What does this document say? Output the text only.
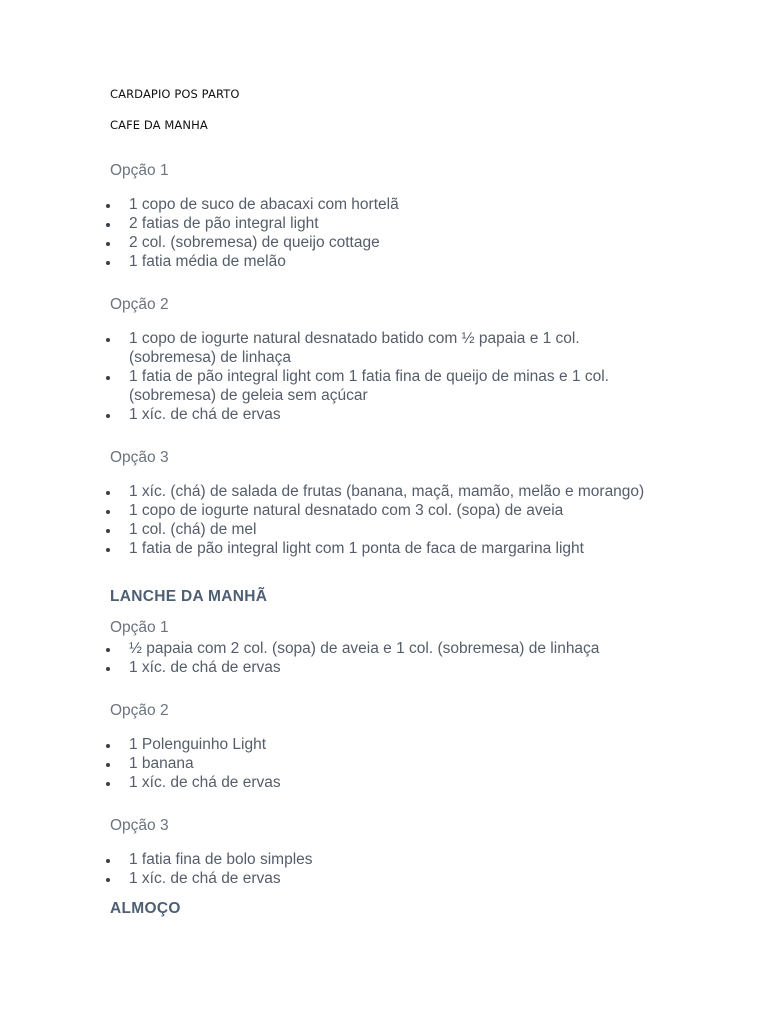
CARDAPIO POS PARTO

CAFE DA MANHA

Opção 1

1 copo de suco de abacaxi com hortelã
2 fatias de pão integral light
2 col. (sobremesa) de queijo cottage
1 fatia média de melão

Opção 2

1 copo de iogurte natural desnatado batido com ½ papaia e 1 col. (sobremesa) de linhaça
1 fatia de pão integral light com 1 fatia fina de queijo de minas e 1 col. (sobremesa) de geleia sem açúcar
1 xíc. de chá de ervas

Opção 3

1 xíc. (chá) de salada de frutas (banana, maçã, mamão, melão e morango)
1 copo de iogurte natural desnatado com 3 col. (sopa) de aveia
1 col. (chá) de mel
1 fatia de pão integral light com 1 ponta de faca de margarina light

LANCHE DA MANHÃ

Opção 1

½ papaia com 2 col. (sopa) de aveia e 1 col. (sobremesa) de linhaça
1 xíc. de chá de ervas

Opção 2

1 Polenguinho Light
1 banana
1 xíc. de chá de ervas

Opção 3

1 fatia fina de bolo simples
1 xíc. de chá de ervas

ALMOÇO
